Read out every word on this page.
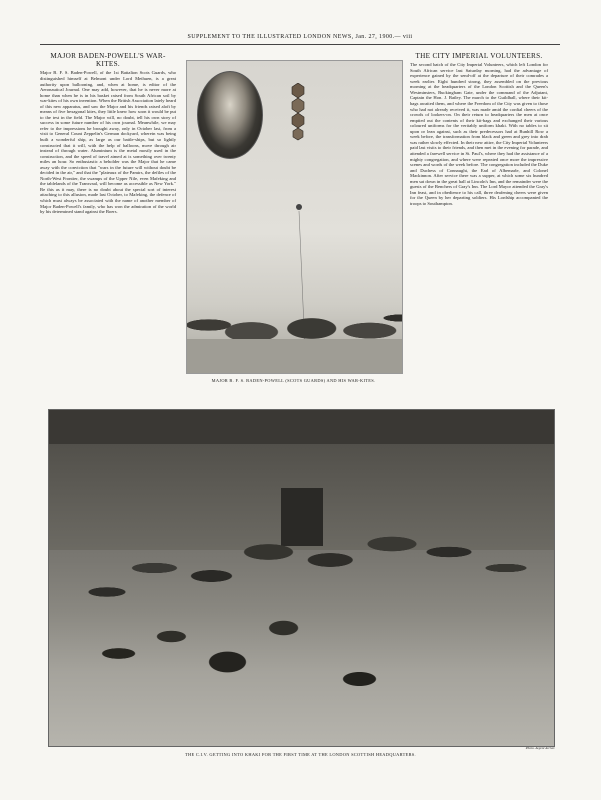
SUPPLEMENT TO THE ILLUSTRATED LONDON NEWS, Jan. 27, 1900.— viii
MAJOR BADEN-POWELL'S WAR-KITES.

Major B. F. S. Baden-Powell, of the 1st Battalion Scots Guards, who distinguished himself at Belmont under Lord Methuen, is a great authority upon ballooning, and, when at home, is editor of the Aeronautical Journal. One may add, however, that he is never more at home than when he is in his basket raised from South African soil by war-kites of his own invention. When the British Association lately heard of this new apparatus, and saw the Major and his friends raised aloft by means of five hexagonal kites, they little knew how soon it would be put to the test in the field. The Major will, no doubt, tell his own story of success in some future number of his own journal. Meanwhile, we may refer to the impressions he brought away, only in October last, from a visit to General Count Zeppelin's German dockyard, wherein was being built a wonderful ship, as large as our battle-ships, but so lightly constructed that it will, with the help of balloons, move through air instead of through water. Aluminium is the metal mostly used in the construction, and the speed of travel aimed at is something over twenty miles an hour. So enthusiastic a beholder was the Major that he came away with the conviction that "wars in the future will without doubt be decided in the air," and that the "plateaux of the Pamirs, the defiles of the North-West Frontier, the swamps of the Upper Nile, even Mafeking and the tablelands of the Transvaal, will become as accessible as New York." Be this as it may, there is no doubt about the special sort of interest attaching to this allusion, made last October, to Mafeking, the defence of which must always be associated with the name of another member of Major Baden-Powell's family, who has won the admiration of the world by his determined stand against the Boers.

MAJOR B. F. S. BADEN-POWELL (SCOTS GUARDS) AND HIS WAR-KITES.
THE CITY IMPERIAL VOLUNTEERS.

The second batch of the City Imperial Volunteers, which left London for South African service last Saturday morning, had the advantage of experience gained by the send-off at the departure of their comrades a week earlier. Eight hundred strong, they assembled on the previous morning at the headquarters of the London Scottish and the Queen's Westminsters, Buckingham Gate, under the command of the Adjutant, Captain the Hon. J. Bailey. The march to the Guildhall, where their kit-bags awaited them, and where the Freedom of the City was given to those who had not already received it, was made amid the cordial cheers of the crowds of lookers-on. On their return to headquarters the men at once emptied out the contents of their kit-bags and exchanged their various coloured uniforms for the veritably uniform khaki. With no tables to sit upon or lean against, such as their predecessors had at Bunhill Row a week before, the transformation from black and green and grey into drab was rather slowly effected. In their new attire, the City Imperial Volunteers paid last visits to their friends, and then met in the evening for parade, and attended a farewell service in St. Paul's, where they had the assistance of a mighty congregation, and where were repeated once more the impressive scenes and words of the week before. The congregation included the Duke and Duchess of Connaught, the Earl of Albemarle, and Colonel Mackinnon. After service there was a supper, at which some six hundred men sat down in the great hall at Lincoln's Inn, and the remainder were the guests of the Benchers of Gray's Inn. The Lord Mayor attended the Gray's Inn feast, and in obedience to his call, three deafening cheers were given for the Queen by her departing soldiers. His Lordship accompanied the troops to Southampton.

Photo. Argent Archer.
THE C.I.V. GETTING INTO KHAKI FOR THE FIRST TIME AT THE LONDON SCOTTISH HEADQUARTERS.
